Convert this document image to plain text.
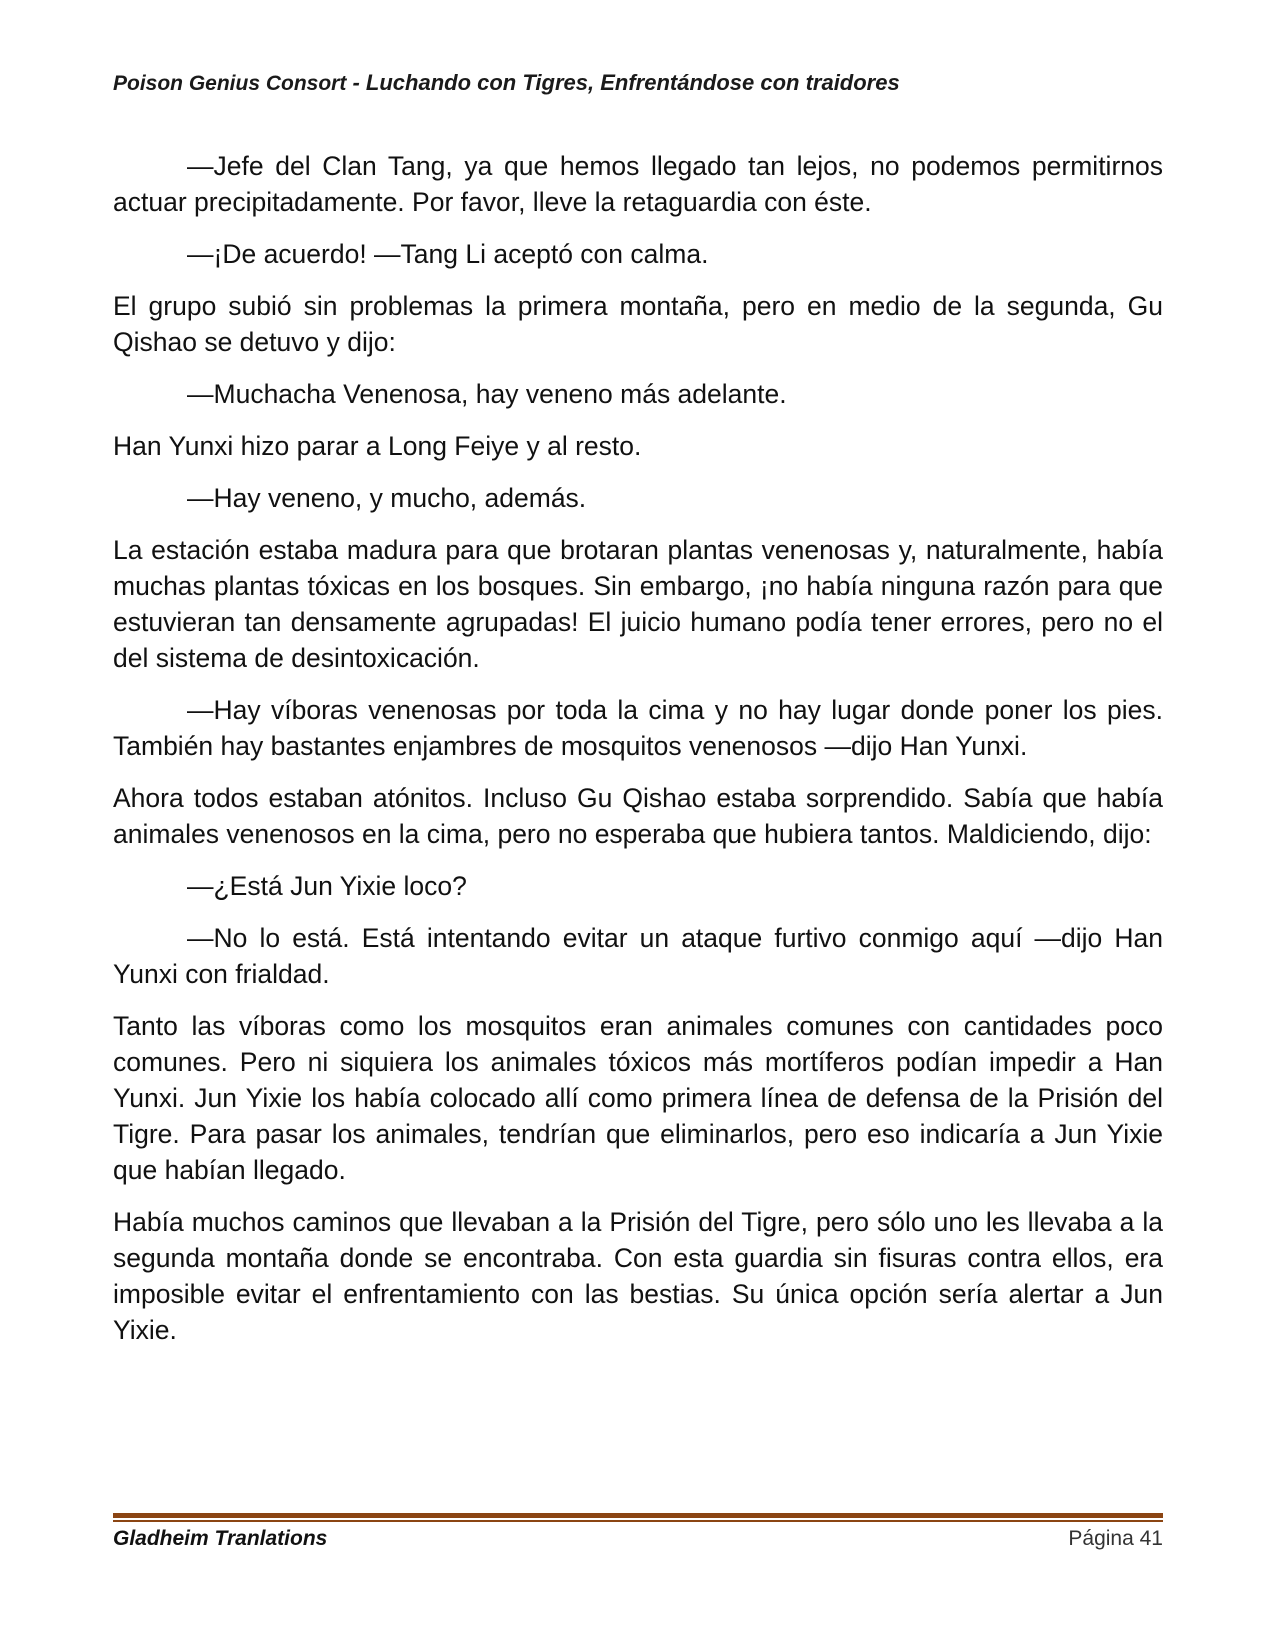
Poison Genius Consort - Luchando con Tigres, Enfrentándose con traidores

—Jefe del Clan Tang, ya que hemos llegado tan lejos, no podemos permitirnos actuar precipitadamente. Por favor, lleve la retaguardia con éste.

—¡De acuerdo! —Tang Li aceptó con calma.

El grupo subió sin problemas la primera montaña, pero en medio de la segunda, Gu Qishao se detuvo y dijo:

—Muchacha Venenosa, hay veneno más adelante.

Han Yunxi hizo parar a Long Feiye y al resto.

—Hay veneno, y mucho, además.

La estación estaba madura para que brotaran plantas venenosas y, naturalmente, había muchas plantas tóxicas en los bosques. Sin embargo, ¡no había ninguna razón para que estuvieran tan densamente agrupadas! El juicio humano podía tener errores, pero no el del sistema de desintoxicación.

—Hay víboras venenosas por toda la cima y no hay lugar donde poner los pies. También hay bastantes enjambres de mosquitos venenosos —dijo Han Yunxi.

Ahora todos estaban atónitos. Incluso Gu Qishao estaba sorprendido. Sabía que había animales venenosos en la cima, pero no esperaba que hubiera tantos. Maldiciendo, dijo:

—¿Está Jun Yixie loco?

—No lo está. Está intentando evitar un ataque furtivo conmigo aquí —dijo Han Yunxi con frialdad.

Tanto las víboras como los mosquitos eran animales comunes con cantidades poco comunes. Pero ni siquiera los animales tóxicos más mortíferos podían impedir a Han Yunxi. Jun Yixie los había colocado allí como primera línea de defensa de la Prisión del Tigre. Para pasar los animales, tendrían que eliminarlos, pero eso indicaría a Jun Yixie que habían llegado.

Había muchos caminos que llevaban a la Prisión del Tigre, pero sólo uno les llevaba a la segunda montaña donde se encontraba. Con esta guardia sin fisuras contra ellos, era imposible evitar el enfrentamiento con las bestias. Su única opción sería alertar a Jun Yixie.

Gladheim Tranlations	Página 41
